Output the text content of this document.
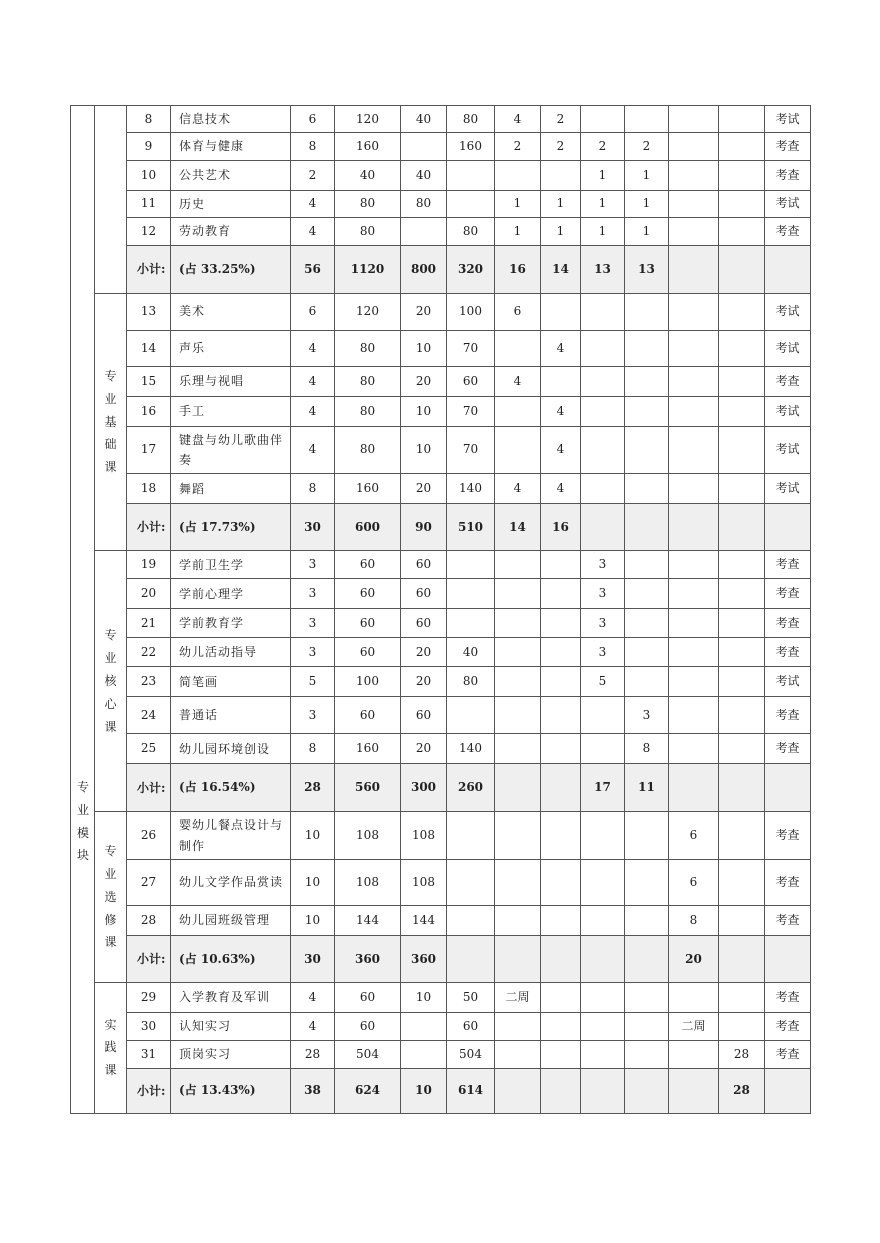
		8	信息技术	6	120	40	80	4	2					考试
		9	体育与健康	8	160		160	2	2	2	2			考查
		10	公共艺术	2	40	40				1	1			考查
		11	历史	4	80	80		1	1	1	1			考试
		12	劳动教育	4	80		80	1	1	1	1			考查
		小计:	(占 33.25%)	56	1120	800	320	16	14	13	13			

	专业基础课	13	美术	6	120	20	100	6						考试
		14	声乐	4	80	10	70		4					考试
		15	乐理与视唱	4	80	20	60	4						考查
		16	手工	4	80	10	70		4					考试
		17	键盘与幼儿歌曲伴奏	4	80	10	70		4					考试
		18	舞蹈	8	160	20	140	4	4					考试
		小计:	(占 17.73%)	30	600	90	510	14	16					

	专业核心课	19	学前卫生学	3	60	60				3				考查
		20	学前心理学	3	60	60				3				考查
		21	学前教育学	3	60	60				3				考查
		22	幼儿活动指导	3	60	20	40			3				考查
		23	简笔画	5	100	20	80			5				考试
		24	普通话	3	60	60					3			考查
		25	幼儿园环境创设	8	160	20	140				8			考查
		小计:	(占 16.54%)	28	560	300	260			17	11			

	专业选修课	26	婴幼儿餐点设计与制作	10	108	108						6		考查
		27	幼儿文学作品赏读	10	108	108						6		考查
		28	幼儿园班级管理	10	144	144						8		考查
		小计:	(占 10.63%)	30	360	360						20		

	实践课	29	入学教育及军训	4	60	10	50	二周						考查
		30	认知实习	4	60		60					二周		考查
		31	顶岗实习	28	504		504						28	考查
		小计:	(占 13.43%)	38	624	10	614						28	
专业模块
